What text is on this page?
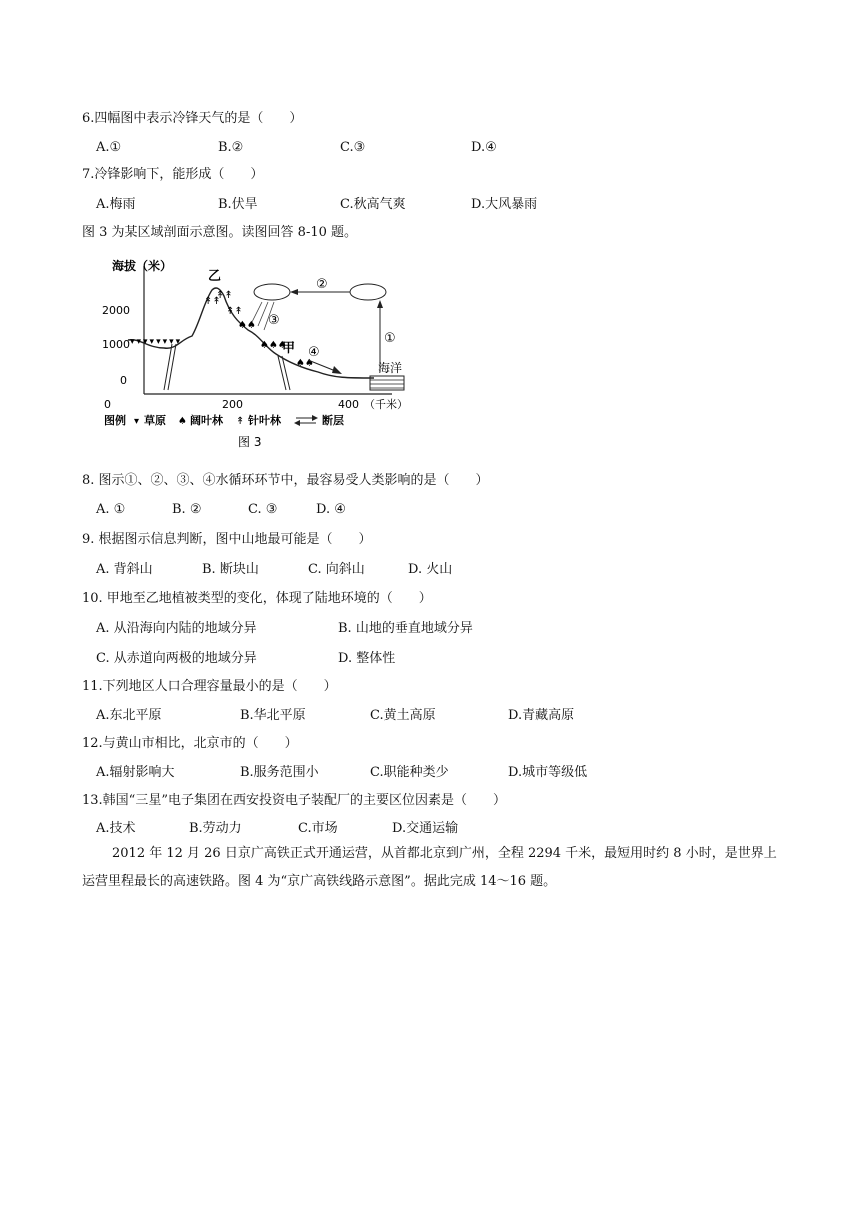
6.四幅图中表示冷锋天气的是（　　）
A.①	B.②	C.③	D.④
7.冷锋影响下，能形成（　　）
A.梅雨	B.伏旱	C.秋高气爽	D.大风暴雨
图 3 为某区域剖面示意图。读图回答 8-10 题。
海拔（米）
2000
1000
0
0	200	400 （千米）
海洋
▾▾▾▾▾▾▾▾
↟↟
↟↟
↟↟
♠♠
♠♠♠
♠♠
乙
甲
①
②
③
④
图例 ▾ 草原 ♠ 阔叶林 ↟ 针叶林	断层
图 3
8. 图示①、②、③、④水循环环节中，最容易受人类影响的是（　　）
A. ①	B. ②	C. ③	D. ④
9. 根据图示信息判断，图中山地最可能是（　　）
A. 背斜山	B. 断块山	C. 向斜山	D. 火山
10. 甲地至乙地植被类型的变化，体现了陆地环境的（　　）
A. 从沿海向内陆的地域分异	B. 山地的垂直地域分异
C. 从赤道向两极的地域分异	D. 整体性
11.下列地区人口合理容量最小的是（　　）
A.东北平原	B.华北平原	C.黄土高原	D.青藏高原
12.与黄山市相比，北京市的（　　）
A.辐射影响大	B.服务范围小	C.职能种类少	D.城市等级低
13.韩国“三星”电子集团在西安投资电子装配厂的主要区位因素是（　　）
A.技术	B.劳动力	C.市场	D.交通运输
2012 年 12 月 26 日京广高铁正式开通运营，从首都北京到广州，全程 2294 千米，最短用时约 8 小时，是世界上运营里程最长的高速铁路。图 4 为“京广高铁线路示意图”。据此完成 14～16 题。
